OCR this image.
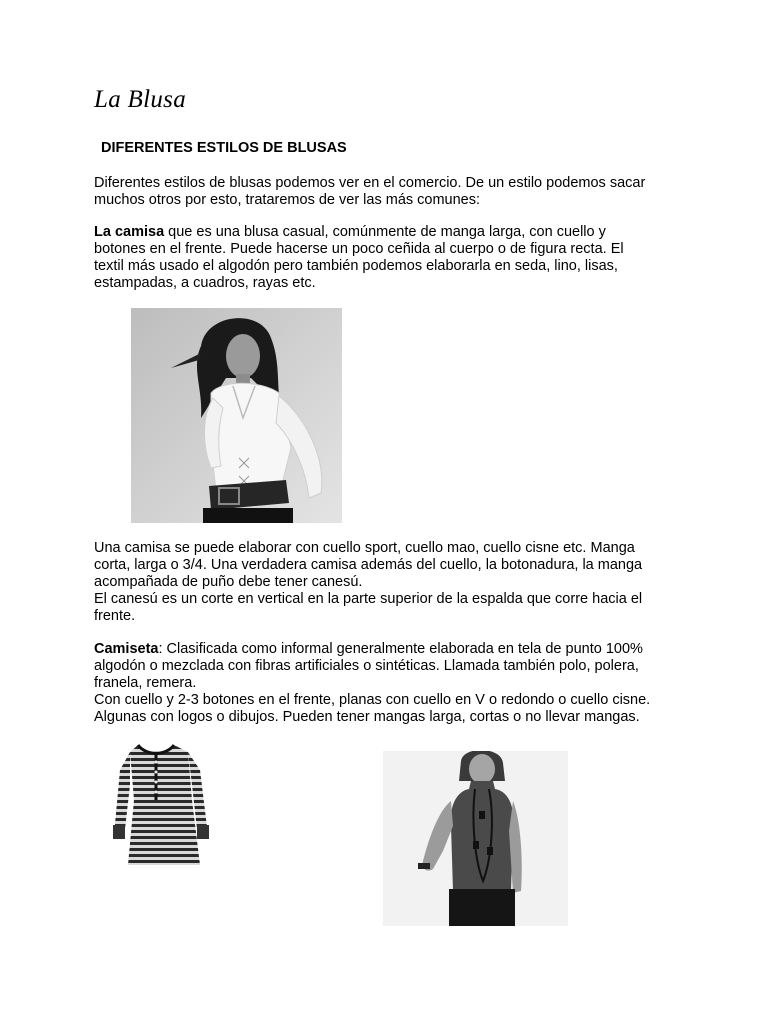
La Blusa
DIFERENTES ESTILOS DE BLUSAS
Diferentes estilos de blusas podemos ver en el comercio. De un estilo podemos sacar
muchos otros por esto, trataremos de ver las más comunes:
La camisa que es una blusa casual, comúnmente de manga larga, con cuello y
botones en el frente. Puede hacerse un poco ceñida al cuerpo o de figura recta. El
textil más usado el algodón pero también podemos elaborarla en seda, lino, lisas,
estampadas, a cuadros, rayas etc.
Una camisa se puede elaborar con cuello sport, cuello mao, cuello cisne etc. Manga
corta, larga o 3/4. Una verdadera camisa además del cuello, la botonadura, la manga
acompañada de puño debe tener canesú.
El canesú es un corte en vertical en la parte superior de la espalda que corre hacia el
frente.
Camiseta: Clasificada como informal generalmente elaborada en tela de punto 100%
algodón o mezclada con fibras artificiales o sintéticas. Llamada también polo, polera,
franela, remera.
Con cuello y 2-3 botones en el frente, planas con cuello en V o redondo o cuello cisne.
Algunas con logos o dibujos. Pueden tener mangas larga, cortas o no llevar mangas.
